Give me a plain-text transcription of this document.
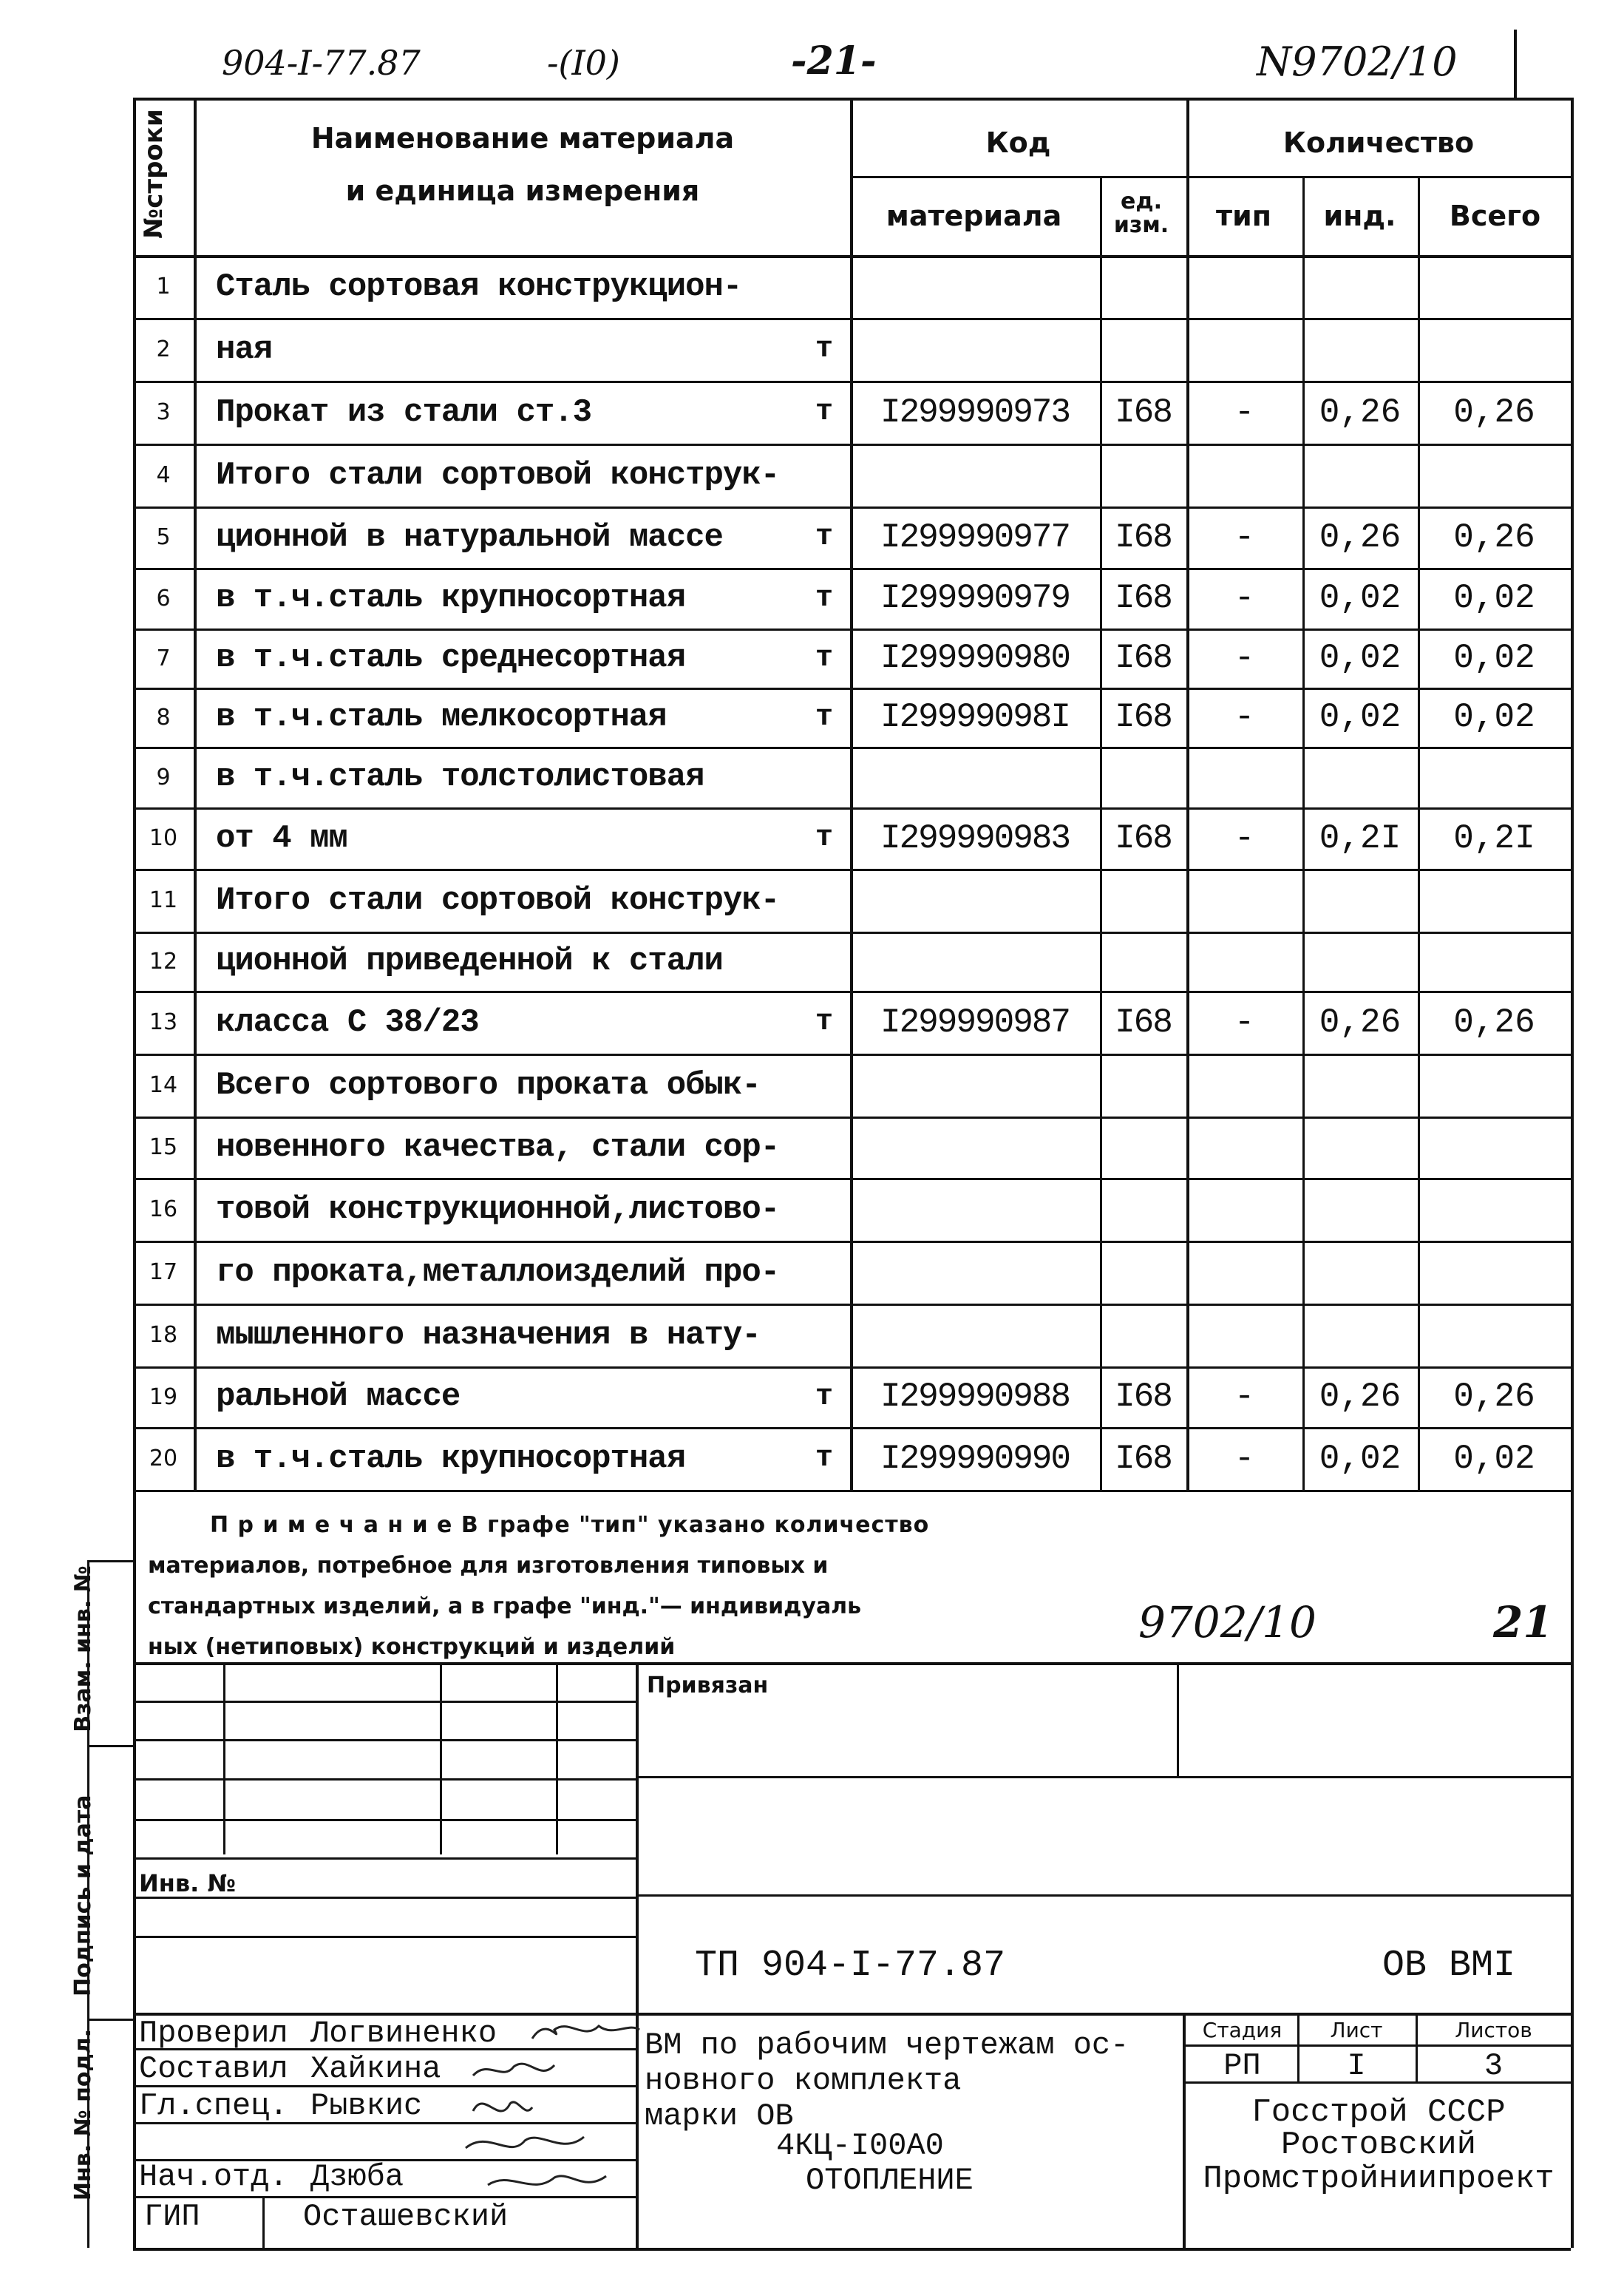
904-I-77.87	-(I0)	-21-	N9702/10
№строки	Наименование материала
и единица измерения
Код
материала	ед. изм.
Количество
тип	инд.	Всего
1	Сталь сортовая конструкцион-
2	ная	т
3	Прокат из стали ст.3	т	I299990973	I68	-	0,26	0,26
4	Итого стали сортовой конструк-
5	ционной в натуральной массе	т	I299990977	I68	-	0,26	0,26
6	в т.ч.сталь крупносортная	т	I299990979	I68	-	0,02	0,02
7	в т.ч.сталь среднесортная	т	I299990980	I68	-	0,02	0,02
8	в т.ч.сталь мелкосортная	т	I29999098I	I68	-	0,02	0,02
9	в т.ч.сталь толстолистовая
10	от 4 мм	т	I299990983	I68	-	0,2I	0,2I
11	Итого стали сортовой конструк-
12	ционной приведенной к стали
13	класса С 38/23	т	I299990987	I68	-	0,26	0,26
14	Всего сортового проката обык-
15	новенного качества, стали сор-
16	товой конструкционной,листово-
17	го проката,металлоизделий про-
18	мышленного назначения в нату-
19	ральной массе	т	I299990988	I68	-	0,26	0,26
20	в т.ч.сталь крупносортная	т	I299990990	I68	-	0,02	0,02
П р и м е ч а н и е В графе "тип" указано количество
материалов, потребное для изготовления типовых и
стандартных изделий, а в графе "инд."— индивидуаль
ных (нетиповых) конструкций и изделий	9702/10	21
Взам. инв. №
Подпись и дата
Инв. № подл.
Привязан
Инв. №
ТП 904-I-77.87	ОВ ВМI
Стадия	Лист	Листов
РП	I	3
ВМ по рабочим чертежам ос-
новного комплекта
марки ОВ
4КЦ-I00А0
ОТОПЛЕНИЕ
Госстрой СССР
Ростовский
Промстройниипроект
Проверил Логвиненко
Составил Хайкина
Гл.спец. Рывкис
Нач.отд. Дзюба
ГИП	Осташевский
